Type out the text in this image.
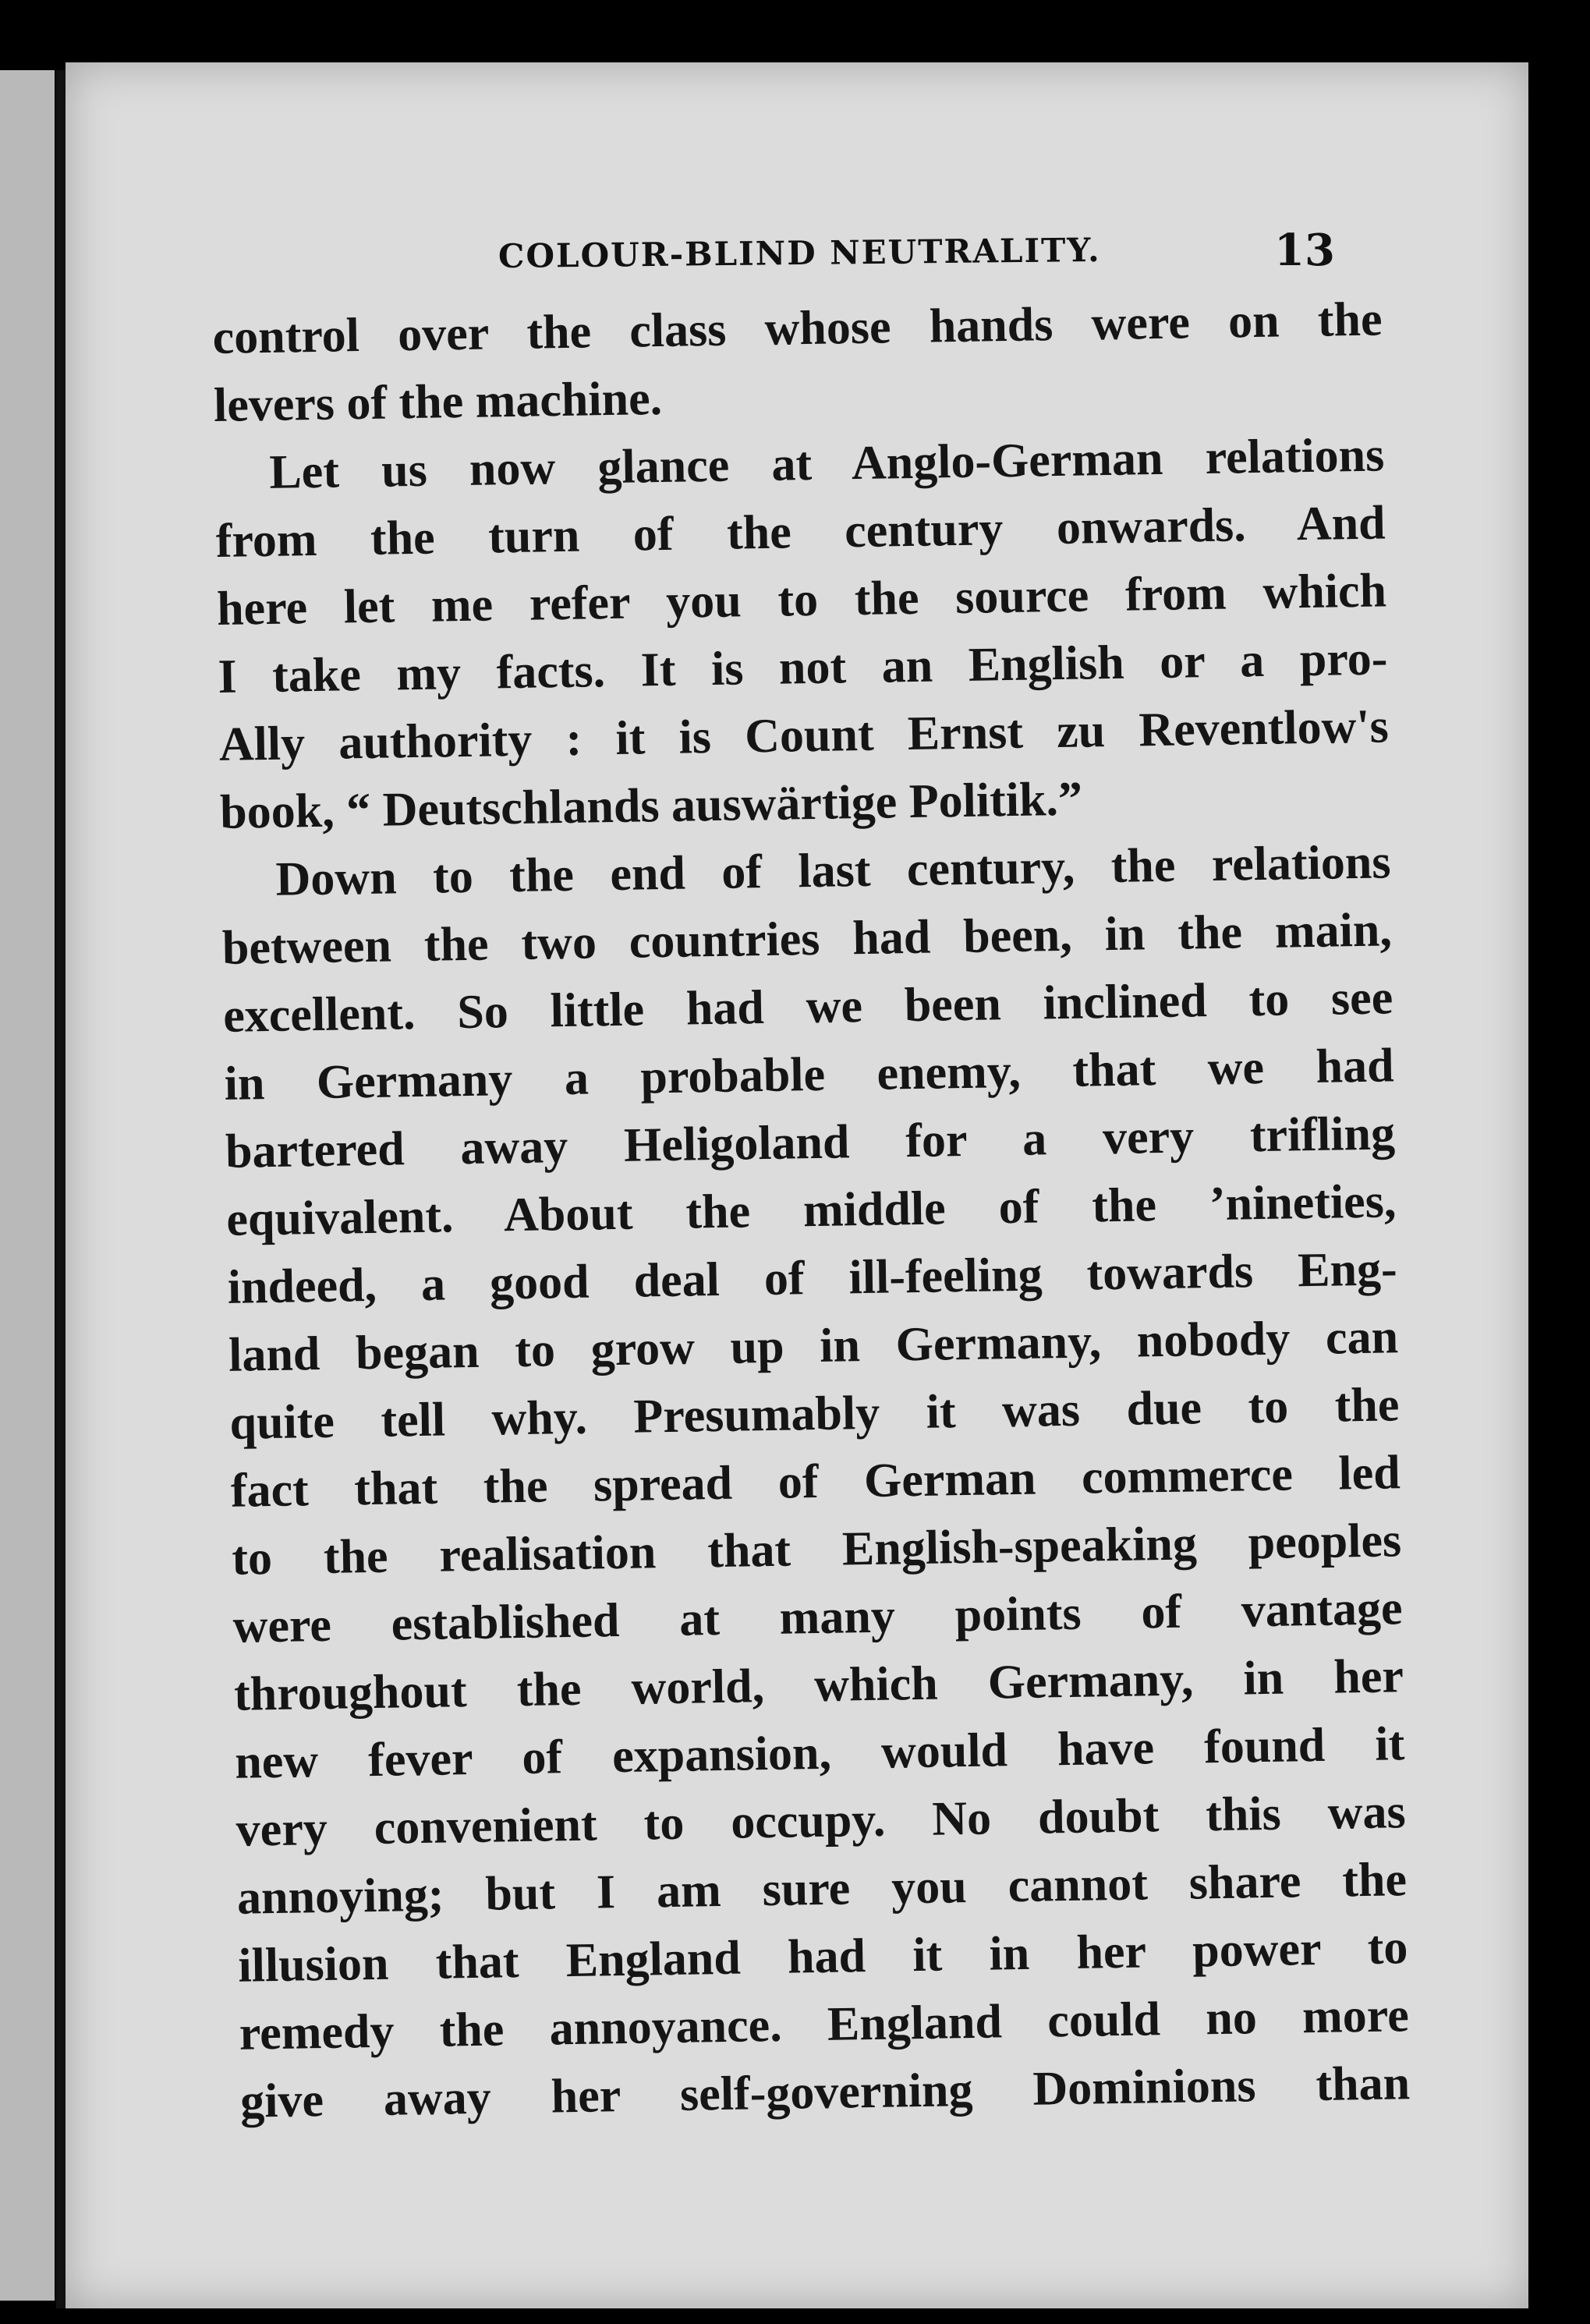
COLOUR-BLIND NEUTRALITY.	13
control over the class whose hands were on the
levers of the machine.
Let us now glance at Anglo-German relations
from the turn of the century onwards. And
here let me refer you to the source from which
I take my facts. It is not an English or a pro-
Ally authority : it is Count Ernst zu Reventlow's
book, “ Deutschlands auswärtige Politik.”
Down to the end of last century, the relations
between the two countries had been, in the main,
excellent. So little had we been inclined to see
in Germany a probable enemy, that we had
bartered away Heligoland for a very trifling
equivalent. About the middle of the ’nineties,
indeed, a good deal of ill-feeling towards Eng-
land began to grow up in Germany, nobody can
quite tell why. Presumably it was due to the
fact that the spread of German commerce led
to the realisation that English-speaking peoples
were established at many points of vantage
throughout the world, which Germany, in her
new fever of expansion, would have found it
very convenient to occupy. No doubt this was
annoying; but I am sure you cannot share the
illusion that England had it in her power to
remedy the annoyance. England could no more
give away her self-governing Dominions than
